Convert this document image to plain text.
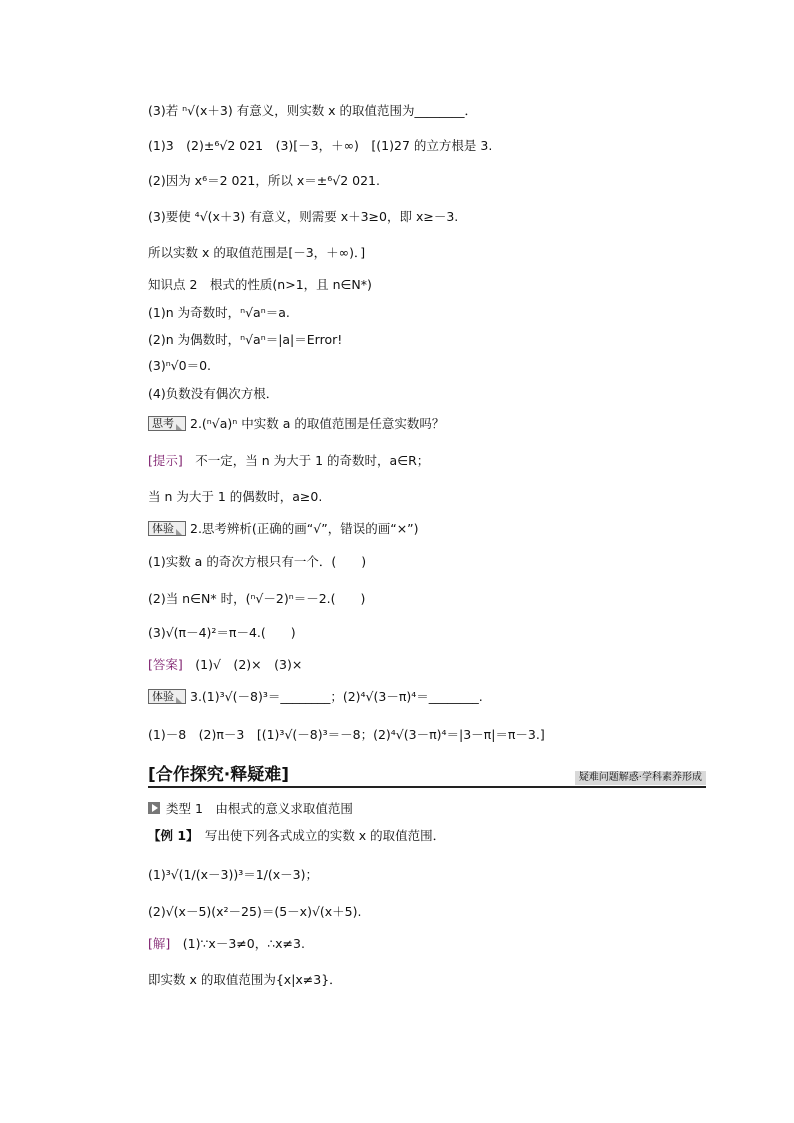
(3)若 ⁿ√(x＋3) 有意义，则实数 x 的取值范围为________．
(1)3　(2)±⁶√2 021　(3)[－3，＋∞)　[(1)27 的立方根是 3.
(2)因为 x⁶＝2 021，所以 x＝±⁶√2 021.
(3)要使 ⁴√(x＋3) 有意义，则需要 x＋3≥0，即 x≥－3.
所以实数 x 的取值范围是[－3，＋∞)．]
知识点 2　根式的性质(n>1，且 n∈N*)
(1)n 为奇数时，ⁿ√aⁿ＝a.
(2)n 为偶数时，ⁿ√aⁿ＝|a|＝Error!
(3)ⁿ√0＝0.
(4)负数没有偶次方根．
思考 2.(ⁿ√a)ⁿ 中实数 a 的取值范围是任意实数吗？
[提示]　不一定，当 n 为大于 1 的奇数时，a∈R；
当 n 为大于 1 的偶数时，a≥0.
体验 2.思考辨析(正确的画“√”，错误的画“×”)
(1)实数 a 的奇次方根只有一个．(　　)
(2)当 n∈N* 时，(ⁿ√－2)ⁿ＝－2.(　　)
(3)√(π－4)²＝π－4.(　　)
[答案]　(1)√　(2)×　(3)×
体验 3.(1)³√(－8)³＝________；(2)⁴√(3－π)⁴＝________.
(1)－8　(2)π－3　[(1)³√(－8)³＝－8；(2)⁴√(3－π)⁴＝|3－π|＝π－3.]
[合作探究·释疑难]	疑难问题解惑·学科素养形成
类型 1　由根式的意义求取值范围
【例 1】　写出使下列各式成立的实数 x 的取值范围．
(1)³√(1/(x－3))³＝1/(x－3)；
(2)√(x－5)(x²－25)＝(5－x)√(x＋5).
[解]　(1)∵x－3≠0，∴x≠3.
即实数 x 的取值范围为{x|x≠3}．
